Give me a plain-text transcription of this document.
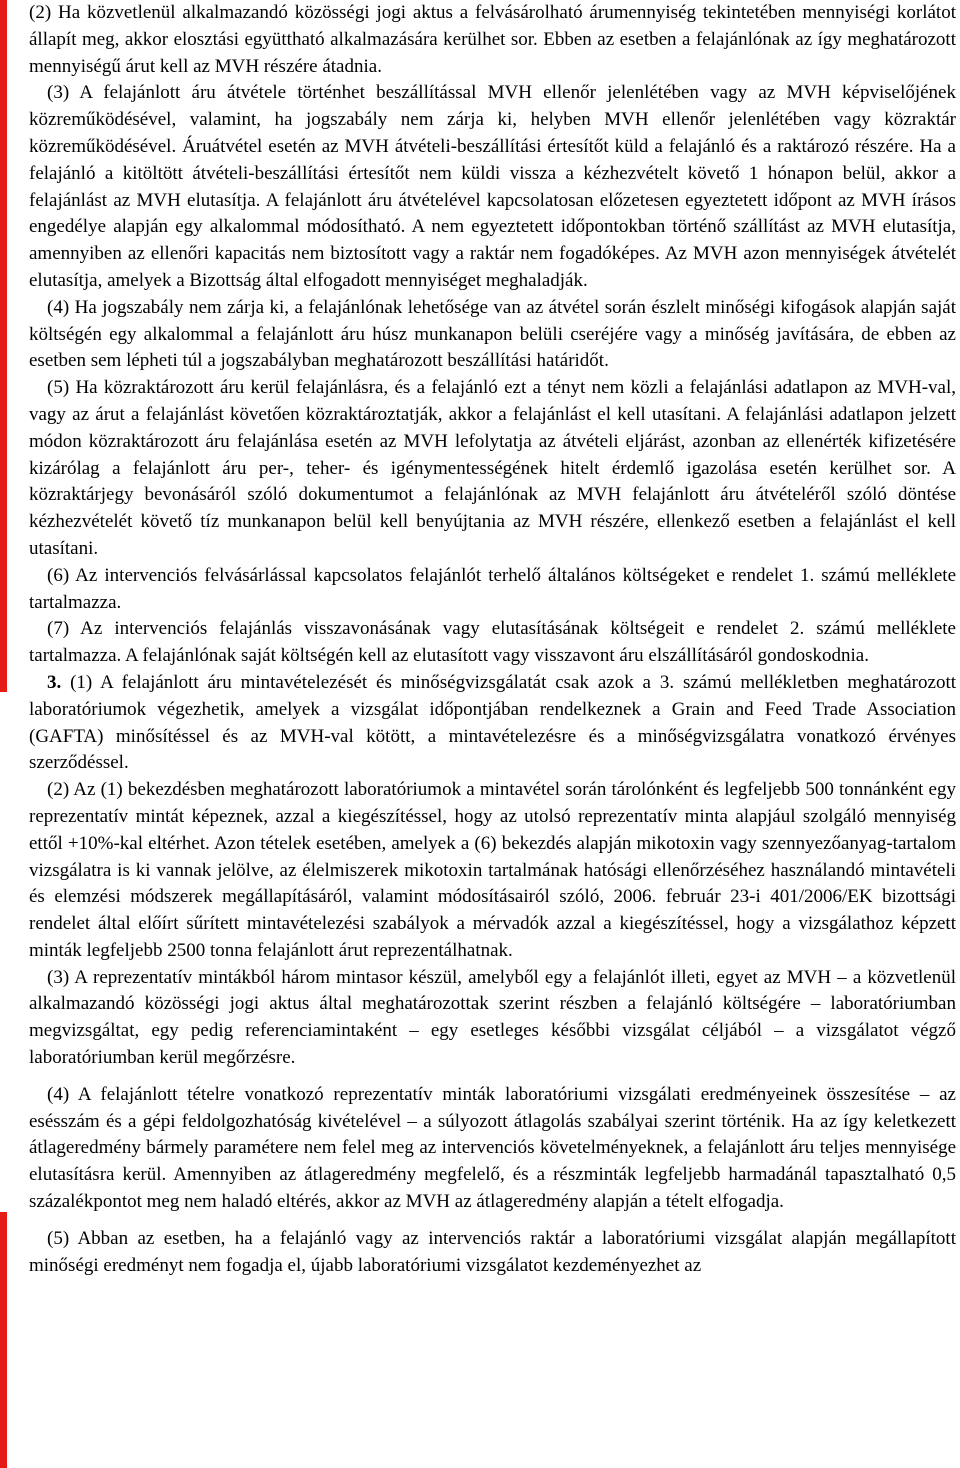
(2) Ha közvetlenül alkalmazandó közösségi jogi aktus a felvásárolható árumennyiség tekintetében mennyiségi korlátot állapít meg, akkor elosztási együttható alkalmazására kerülhet sor. Ebben az esetben a felajánlónak az így meghatározott mennyiségű árut kell az MVH részére átadnia.

(3) A felajánlott áru átvétele történhet beszállítással MVH ellenőr jelenlétében vagy az MVH képviselőjének közreműködésével, valamint, ha jogszabály nem zárja ki, helyben MVH ellenőr jelenlétében vagy közraktár közreműködésével. Áruátvétel esetén az MVH átvételi-beszállítási értesítőt küld a felajánló és a raktározó részére. Ha a felajánló a kitöltött átvételi-beszállítási értesítőt nem küldi vissza a kézhezvételt követő 1 hónapon belül, akkor a felajánlást az MVH elutasítja. A felajánlott áru átvételével kapcsolatosan előzetesen egyeztetett időpont az MVH írásos engedélye alapján egy alkalommal módosítható. A nem egyeztetett időpontokban történő szállítást az MVH elutasítja, amennyiben az ellenőri kapacitás nem biztosított vagy a raktár nem fogadóképes. Az MVH azon mennyiségek átvételét elutasítja, amelyek a Bizottság által elfogadott mennyiséget meghaladják.

(4) Ha jogszabály nem zárja ki, a felajánlónak lehetősége van az átvétel során észlelt minőségi kifogások alapján saját költségén egy alkalommal a felajánlott áru húsz munkanapon belüli cseréjére vagy a minőség javítására, de ebben az esetben sem lépheti túl a jogszabályban meghatározott beszállítási határidőt.

(5) Ha közraktározott áru kerül felajánlásra, és a felajánló ezt a tényt nem közli a felajánlási adatlapon az MVH-val, vagy az árut a felajánlást követően közraktároztatják, akkor a felajánlást el kell utasítani. A felajánlási adatlapon jelzett módon közraktározott áru felajánlása esetén az MVH lefolytatja az átvételi eljárást, azonban az ellenérték kifizetésére kizárólag a felajánlott áru per-, teher- és igénymentességének hitelt érdemlő igazolása esetén kerülhet sor. A közraktárjegy bevonásáról szóló dokumentumot a felajánlónak az MVH felajánlott áru átvételéről szóló döntése kézhezvételét követő tíz munkanapon belül kell benyújtania az MVH részére, ellenkező esetben a felajánlást el kell utasítani.

(6) Az intervenciós felvásárlással kapcsolatos felajánlót terhelő általános költségeket e rendelet 1. számú melléklete tartalmazza.

(7) Az intervenciós felajánlás visszavonásának vagy elutasításának költségeit e rendelet 2. számú melléklete tartalmazza. A felajánlónak saját költségén kell az elutasított vagy visszavont áru elszállításáról gondoskodnia.

3. (1) A felajánlott áru mintavételezését és minőségvizsgálatát csak azok a 3. számú mellékletben meghatározott laboratóriumok végezhetik, amelyek a vizsgálat időpontjában rendelkeznek a Grain and Feed Trade Association (GAFTA) minősítéssel és az MVH-val kötött, a mintavételezésre és a minőségvizsgálatra vonatkozó érvényes szerződéssel.

(2) Az (1) bekezdésben meghatározott laboratóriumok a mintavétel során tárolónként és legfeljebb 500 tonnánként egy reprezentatív mintát képeznek, azzal a kiegészítéssel, hogy az utolsó reprezentatív minta alapjául szolgáló mennyiség ettől +10%-kal eltérhet. Azon tételek esetében, amelyek a (6) bekezdés alapján mikotoxin vagy szennyezőanyag-tartalom vizsgálatra is ki vannak jelölve, az élelmiszerek mikotoxin tartalmának hatósági ellenőrzéséhez használandó mintavételi és elemzési módszerek megállapításáról, valamint módosításairól szóló, 2006. február 23-i 401/2006/EK bizottsági rendelet által előírt sűrített mintavételezési szabályok a mérvadók azzal a kiegészítéssel, hogy a vizsgálathoz képzett minták legfeljebb 2500 tonna felajánlott árut reprezentálhatnak.

(3) A reprezentatív mintákból három mintasor készül, amelyből egy a felajánlót illeti, egyet az MVH – a közvetlenül alkalmazandó közösségi jogi aktus által meghatározottak szerint részben a felajánló költségére – laboratóriumban megvizsgáltat, egy pedig referenciamintaként – egy esetleges későbbi vizsgálat céljából – a vizsgálatot végző laboratóriumban kerül megőrzésre.

(4) A felajánlott tételre vonatkozó reprezentatív minták laboratóriumi vizsgálati eredményeinek összesítése – az esésszám és a gépi feldolgozhatóság kivételével – a súlyozott átlagolás szabályai szerint történik. Ha az így keletkezett átlageredmény bármely paramétere nem felel meg az intervenciós követelményeknek, a felajánlott áru teljes mennyisége elutasításra kerül. Amennyiben az átlageredmény megfelelő, és a részminták legfeljebb harmadánál tapasztalható 0,5 százalékpontot meg nem haladó eltérés, akkor az MVH az átlageredmény alapján a tételt elfogadja.

(5) Abban az esetben, ha a felajánló vagy az intervenciós raktár a laboratóriumi vizsgálat alapján megállapított minőségi eredményt nem fogadja el, újabb laboratóriumi vizsgálatot kezdeményezhet az
